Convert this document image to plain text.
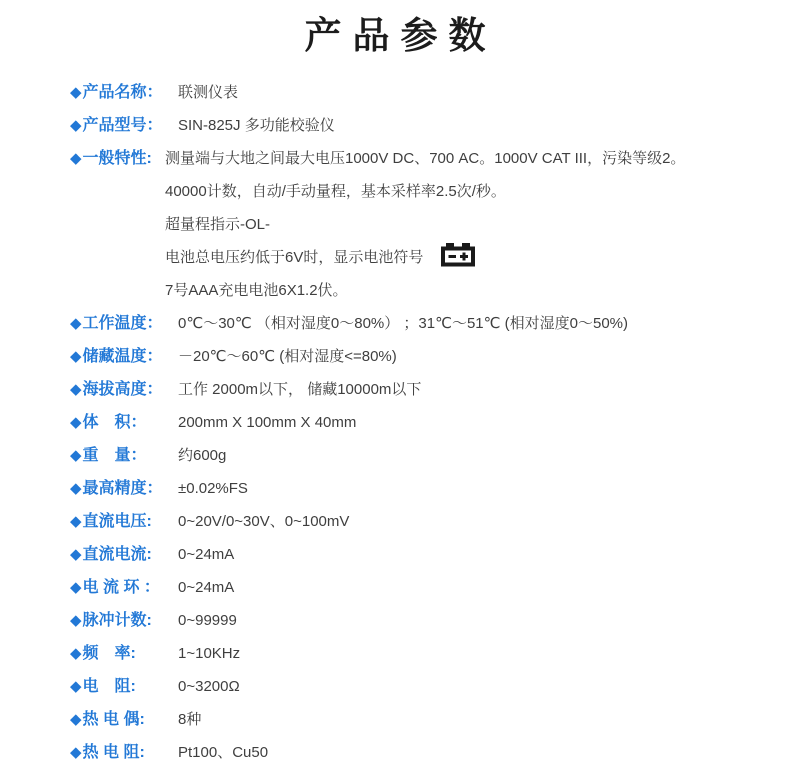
产品参数
◆ 产品名称： 联测仪表
◆ 产品型号： SIN-825J 多功能校验仪
◆ 一般特性: 测量端与大地之间最大电压1000V DC、700 AC。1000V CAT III，污染等级2。
40000计数，自动/手动量程，基本采样率2.5次/秒。
超量程指示-OL-
电池总电压约低于6V时，显示电池符号
7号AAA充电电池6X1.2伏。
◆ 工作温度： 0℃～30℃ （相对湿度0～80%） ；31℃～51℃ (相对湿度0～50%)
◆ 储藏温度： －20℃～60℃ (相对湿度<=80%)
◆ 海拔高度： 工作 2000m以下， 储藏10000m以下
◆ 体　积： 200mm X 100mm X 40mm
◆ 重　量： 约600g
◆ 最高精度： ±0.02%FS
◆ 直流电压: 0~20V/0~30V、0~100mV
◆ 直流电流: 0~24mA
◆ 电 流 环 ： 0~24mA
◆ 脉冲计数: 0~99999
◆ 频　率:	1~10KHz
◆ 电　阻:	0~3200Ω
◆ 热 电 偶: 8种
◆ 热 电 阻: Pt100、Cu50
